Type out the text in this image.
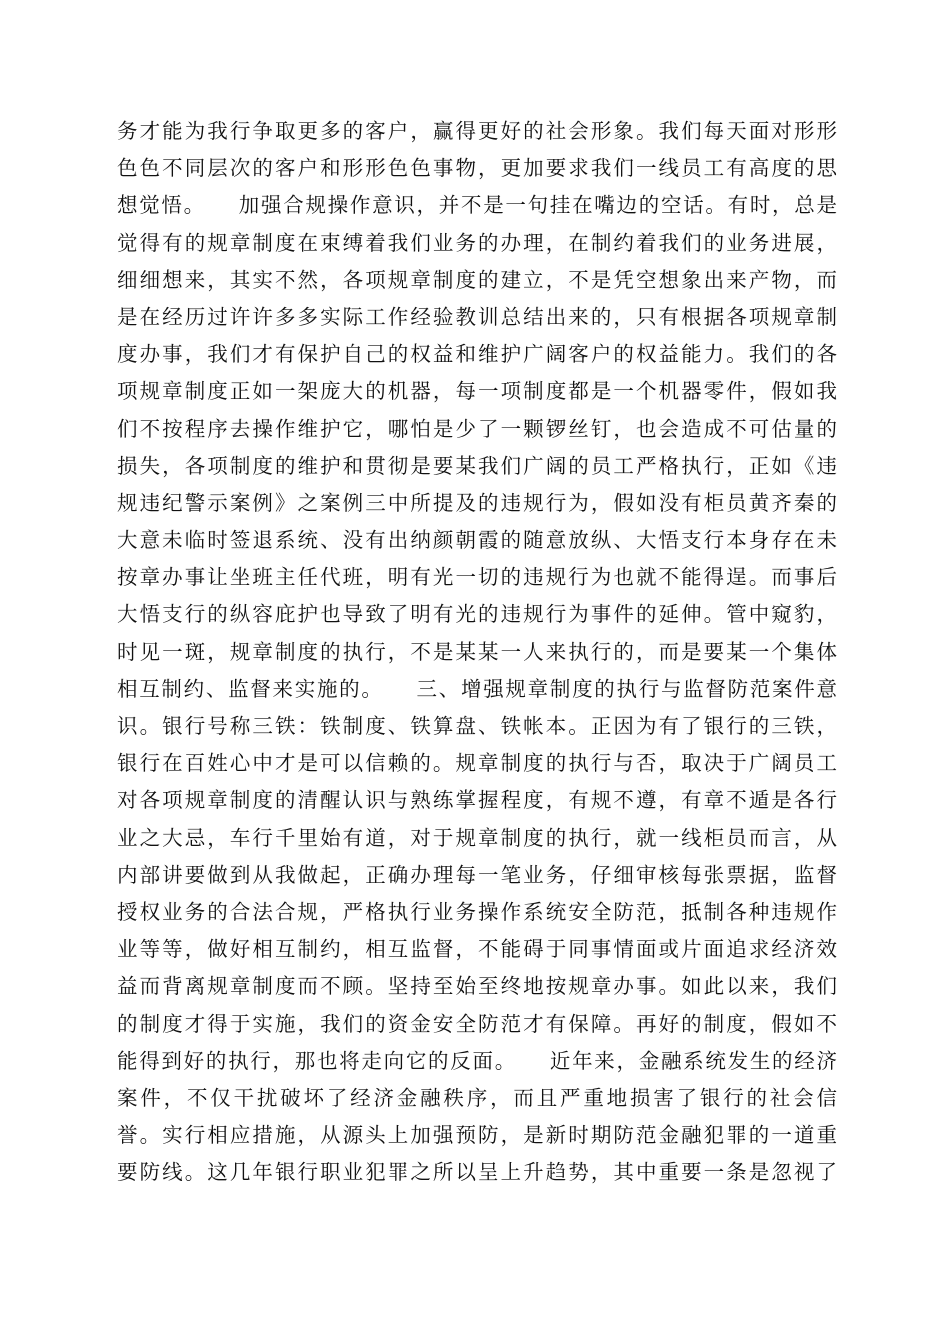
务才能为我行争取更多的客户，赢得更好的社会形象。我们每天面对形形
色色不同层次的客户和形形色色事物，更加要求我们一线员工有高度的思
想觉悟。    加强合规操作意识，并不是一句挂在嘴边的空话。有时，总是
觉得有的规章制度在束缚着我们业务的办理，在制约着我们的业务进展，
细细想来，其实不然，各项规章制度的建立，不是凭空想象出来产物，而
是在经历过许许多多实际工作经验教训总结出来的，只有根据各项规章制
度办事，我们才有保护自己的权益和维护广阔客户的权益能力。我们的各
项规章制度正如一架庞大的机器，每一项制度都是一个机器零件，假如我
们不按程序去操作维护它，哪怕是少了一颗锣丝钉，也会造成不可估量的
损失，各项制度的维护和贯彻是要某我们广阔的员工严格执行，正如《违
规违纪警示案例》之案例三中所提及的违规行为，假如没有柜员黄齐秦的
大意未临时签退系统、没有出纳颜朝霞的随意放纵、大悟支行本身存在未
按章办事让坐班主任代班，明有光一切的违规行为也就不能得逞。而事后
大悟支行的纵容庇护也导致了明有光的违规行为事件的延伸。管中窥豹，
时见一斑，规章制度的执行，不是某某一人来执行的，而是要某一个集体
相互制约、监督来实施的。    三、增强规章制度的执行与监督防范案件意
识。银行号称三铁：铁制度、铁算盘、铁帐本。正因为有了银行的三铁，
银行在百姓心中才是可以信赖的。规章制度的执行与否，取决于广阔员工
对各项规章制度的清醒认识与熟练掌握程度，有规不遵，有章不遁是各行
业之大忌，车行千里始有道，对于规章制度的执行，就一线柜员而言，从
内部讲要做到从我做起，正确办理每一笔业务，仔细审核每张票据，监督
授权业务的合法合规，严格执行业务操作系统安全防范，抵制各种违规作
业等等，做好相互制约，相互监督，不能碍于同事情面或片面追求经济效
益而背离规章制度而不顾。坚持至始至终地按规章办事。如此以来，我们
的制度才得于实施，我们的资金安全防范才有保障。再好的制度，假如不
能得到好的执行，那也将走向它的反面。    近年来，金融系统发生的经济
案件，不仅干扰破坏了经济金融秩序，而且严重地损害了银行的社会信
誉。实行相应措施，从源头上加强预防，是新时期防范金融犯罪的一道重
要防线。这几年银行职业犯罪之所以呈上升趋势，其中重要一条是忽视了
